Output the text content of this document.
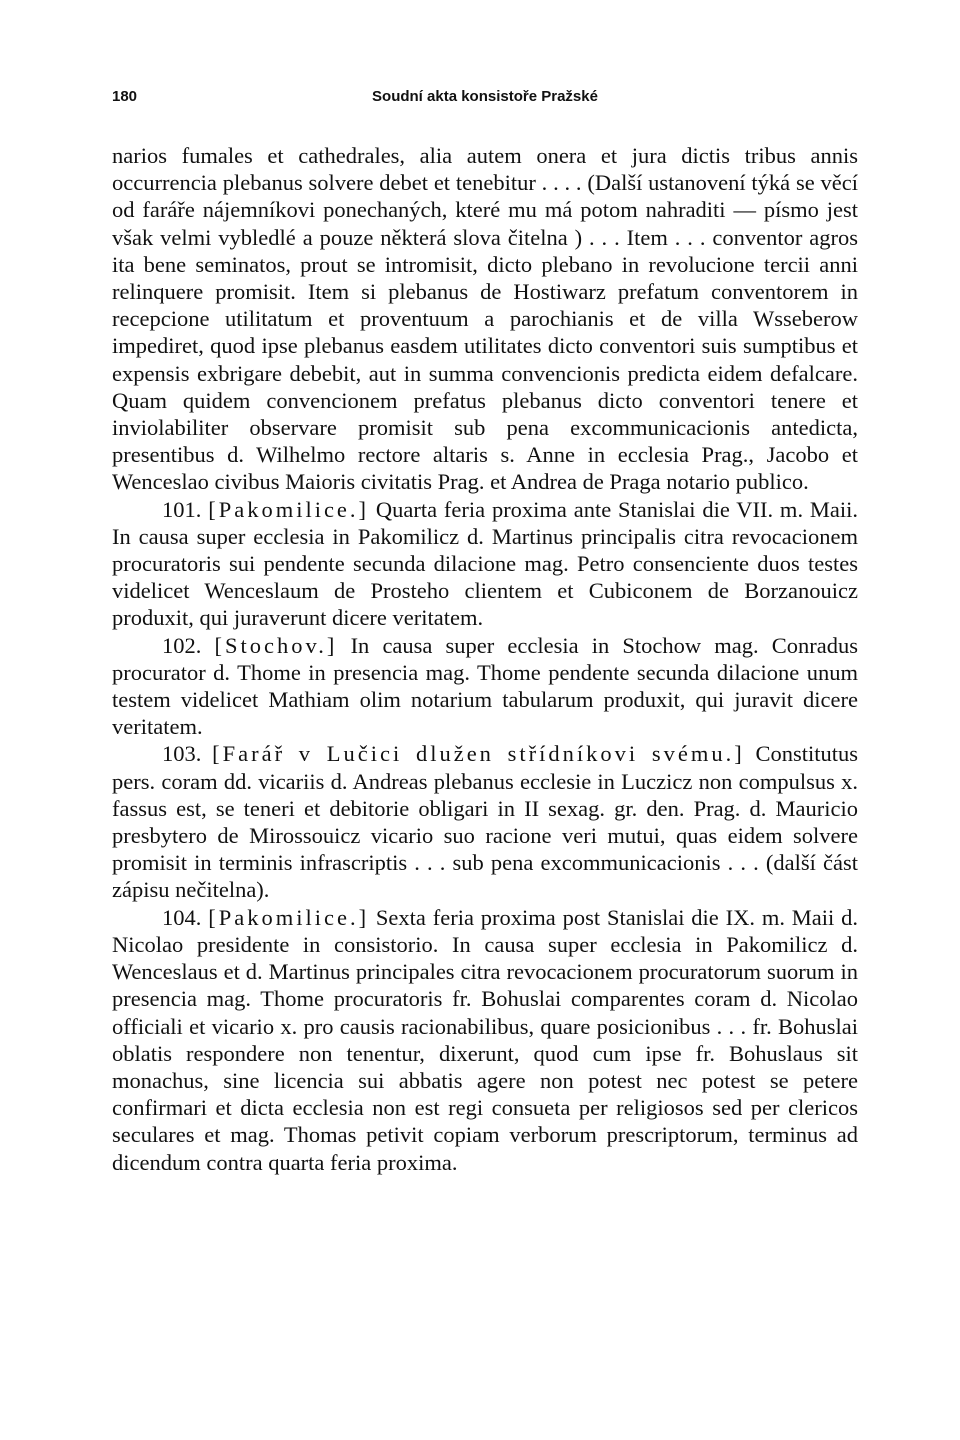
180	Soudní akta konsistoře Pražské

narios fumales et cathedrales, alia autem onera et jura dictis tribus annis occurrencia plebanus solvere debet et tenebitur . . . . (Další ustanovení týká se věcí od faráře nájemníkovi ponechaných, které mu má potom nahraditi — písmo jest však velmi vybledlé a pouze některá slova čitelna ) . . . Item . . . conventor agros ita bene seminatos, prout se intromisit, dicto plebano in revolucione tercii anni relinquere promisit. Item si plebanus de Hostiwarz prefatum conventorem in recepcione utilitatum et proventuum a parochianis et de villa Wsseberow impediret, quod ipse plebanus easdem utilitates dicto conventori suis sumptibus et expensis exbrigare debebit, aut in summa convencionis predicta eidem defalcare. Quam quidem convencionem prefatus plebanus dicto conventori tenere et inviolabiliter observare promisit sub pena excommunicacionis antedicta, presentibus d. Wilhelmo rectore altaris s. Anne in ecclesia Prag., Jacobo et Wenceslao civibus Maioris civitatis Prag. et Andrea de Praga notario publico.

101. [Pakomilice.] Quarta feria proxima ante Stanislai die VII. m. Maii. In causa super ecclesia in Pakomilicz d. Martinus principalis citra revocacionem procuratoris sui pendente secunda dilacione mag. Petro consenciente duos testes videlicet Wenceslaum de Prosteho clientem et Cubiconem de Borzanouicz produxit, qui juraverunt dicere veritatem.

102. [Stochov.] In causa super ecclesia in Stochow mag. Conradus procurator d. Thome in presencia mag. Thome pendente secunda dilacione unum testem videlicet Mathiam olim notarium tabularum produxit, qui juravit dicere veritatem.

103. [Farář v Lučici dlužen střídníkovi svému.] Constitutus pers. coram dd. vicariis d. Andreas plebanus ecclesie in Luczicz non compulsus x. fassus est, se teneri et debitorie obligari in II sexag. gr. den. Prag. d. Mauricio presbytero de Mirossouicz vicario suo racione veri mutui, quas eidem solvere promisit in terminis infrascriptis . . . sub pena excommunicacionis . . . (další část zápisu nečitelna).

104. [Pakomilice.] Sexta feria proxima post Stanislai die IX. m. Maii d. Nicolao presidente in consistorio. In causa super ecclesia in Pakomilicz d. Wenceslaus et d. Martinus principales citra revocacionem procuratorum suorum in presencia mag. Thome procuratoris fr. Bohuslai comparentes coram d. Nicolao officiali et vicario x. pro causis racionabilibus, quare posicionibus . . . fr. Bohuslai oblatis respondere non tenentur, dixerunt, quod cum ipse fr. Bohuslaus sit monachus, sine licencia sui abbatis agere non potest nec potest se petere confirmari et dicta ecclesia non est regi consueta per religiosos sed per clericos seculares et mag. Thomas petivit copiam verborum prescriptorum, terminus ad dicendum contra quarta feria proxima.
